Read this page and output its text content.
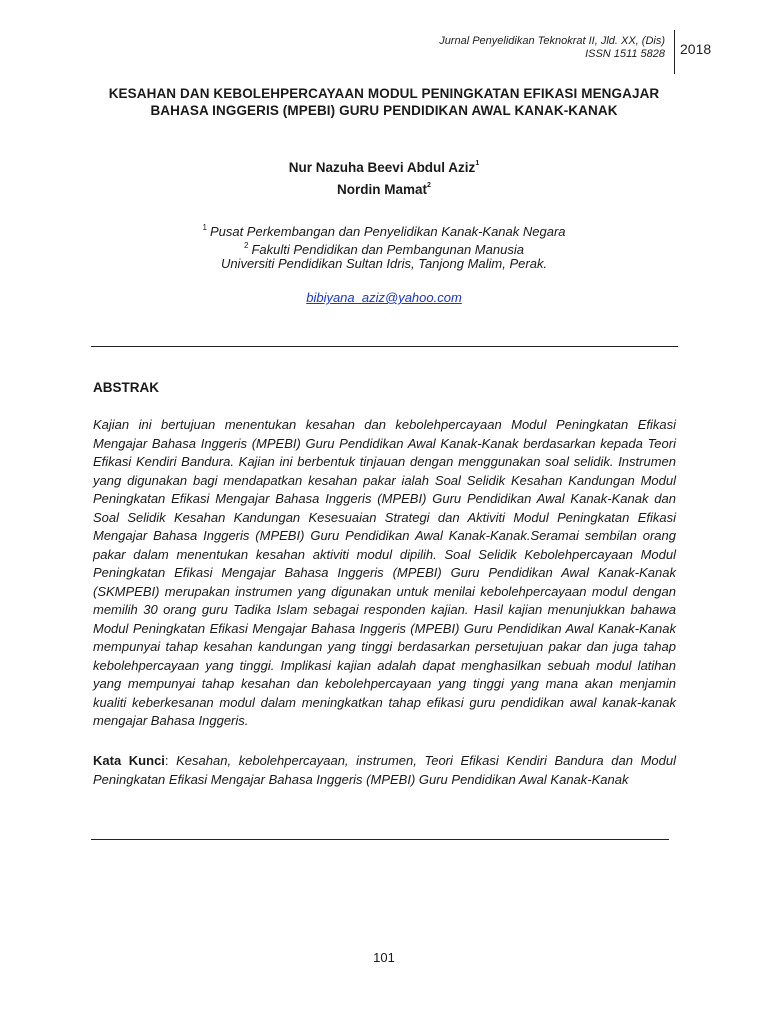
Jurnal Penyelidikan Teknokrat II, Jld. XX, (Dis)
ISSN 1511 5828 2018
KESAHAN DAN KEBOLEHPERCAYAAN MODUL PENINGKATAN EFIKASI MENGAJAR
BAHASA INGGERIS (MPEBI) GURU PENDIDIKAN AWAL KANAK-KANAK
Nur Nazuha Beevi Abdul Aziz$^1$
Nordin Mamat$^2$
$^1$ Pusat Perkembangan dan Penyelidikan Kanak-Kanak Negara
$^2$ Fakulti Pendidikan dan Pembangunan Manusia
Universiti Pendidikan Sultan Idris, Tanjong Malim, Perak.
bibiyana_aziz@yahoo.com
ABSTRAK
Kajian ini bertujuan menentukan kesahan dan kebolehpercayaan Modul Peningkatan Efikasi Mengajar Bahasa Inggeris (MPEBI) Guru Pendidikan Awal Kanak-Kanak berdasarkan kepada Teori Efikasi Kendiri Bandura. Kajian ini berbentuk tinjauan dengan menggunakan soal selidik. Instrumen yang digunakan bagi mendapatkan kesahan pakar ialah Soal Selidik Kesahan Kandungan Modul Peningkatan Efikasi Mengajar Bahasa Inggeris (MPEBI) Guru Pendidikan Awal Kanak-Kanak dan Soal Selidik Kesahan Kandungan Kesesuaian Strategi dan Aktiviti Modul Peningkatan Efikasi Mengajar Bahasa Inggeris (MPEBI) Guru Pendidikan Awal Kanak-Kanak.Seramai sembilan orang pakar dalam menentukan kesahan aktiviti modul dipilih. Soal Selidik Kebolehpercayaan Modul Peningkatan Efikasi Mengajar Bahasa Inggeris (MPEBI) Guru Pendidikan Awal Kanak-Kanak (SKMPEBI) merupakan instrumen yang digunakan untuk menilai kebolehpercayaan modul dengan memilih 30 orang guru Tadika Islam sebagai responden kajian. Hasil kajian menunjukkan bahawa Modul Peningkatan Efikasi Mengajar Bahasa Inggeris (MPEBI) Guru Pendidikan Awal Kanak-Kanak mempunyai tahap kesahan kandungan yang tinggi berdasarkan persetujuan pakar dan juga tahap kebolehpercayaan yang tinggi. Implikasi kajian adalah dapat menghasilkan sebuah modul latihan yang mempunyai tahap kesahan dan kebolehpercayaan yang tinggi yang mana akan menjamin kualiti keberkesanan modul dalam meningkatkan tahap efikasi guru pendidikan awal kanak-kanak mengajar Bahasa Inggeris.
Kata Kunci: Kesahan, kebolehpercayaan, instrumen, Teori Efikasi Kendiri Bandura dan Modul Peningkatan Efikasi Mengajar Bahasa Inggeris (MPEBI) Guru Pendidikan Awal Kanak-Kanak
101
